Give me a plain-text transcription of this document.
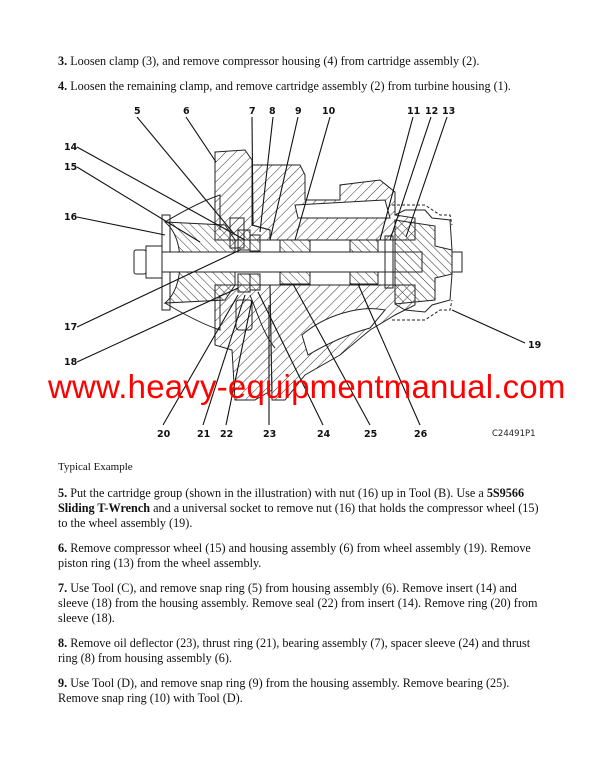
3. Loosen clamp (3), and remove compressor housing (4) from cartridge assembly (2).

4. Loosen the remaining clamp, and remove cartridge assembly (2) from turbine housing (1).

5	6	7 8 9 10	11 12 13
14
15
16
17
18
19
20	21 22	23	24	25	26	C24491P1
www.heavy-equipmentmanual.com
Typical Example

5. Put the cartridge group (shown in the illustration) with nut (16) up in Tool (B). Use a 5S9566 Sliding T-Wrench and a universal socket to remove nut (16) that holds the compressor wheel (15) to the wheel assembly (19).

6. Remove compressor wheel (15) and housing assembly (6) from wheel assembly (19). Remove piston ring (13) from the wheel assembly.

7. Use Tool (C), and remove snap ring (5) from housing assembly (6). Remove insert (14) and sleeve (18) from the housing assembly. Remove seal (22) from insert (14). Remove ring (20) from sleeve (18).

8. Remove oil deflector (23), thrust ring (21), bearing assembly (7), spacer sleeve (24) and thrust ring (8) from housing assembly (6).

9. Use Tool (D), and remove snap ring (9) from the housing assembly. Remove bearing (25). Remove snap ring (10) with Tool (D).
